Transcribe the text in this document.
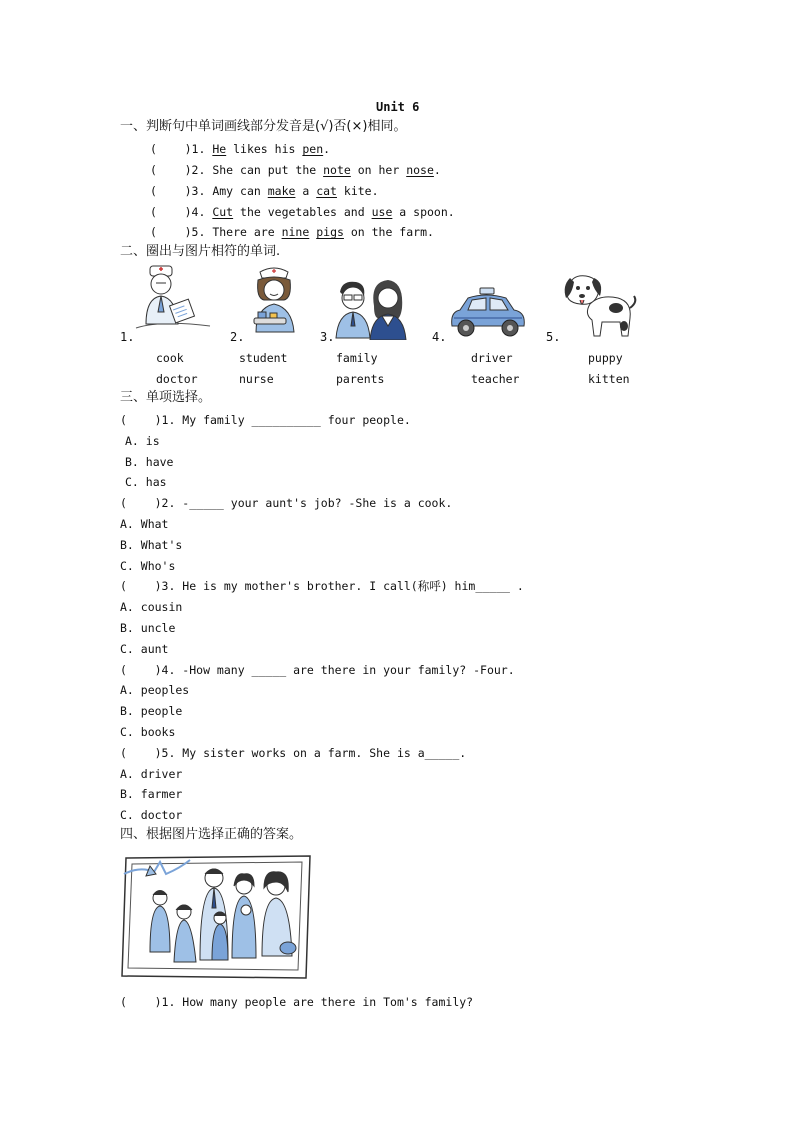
Unit 6
一、判断句中单词画线部分发音是(√)否(×)相同。
(    )1. He likes his pen.
(    )2. She can put the note on her nose.
(    )3. Amy can make a cat kite.
(    )4. Cut the vegetables and use a spoon.
(    )5. There are nine pigs on the farm.
二、圈出与图片相符的单词.
1.
cook
doctor
2.
student
nurse
3.
family
parents
4.
driver
teacher
5.
puppy
kitten
三、单项选择。
(    )1. My family __________ four people.
A. is
B. have
C. has
(    )2. -_____ your aunt's job? -She is a cook.
A. What
B. What's
C. Who's
(    )3. He is my mother's brother. I call(称呼) him_____ .
A. cousin
B. uncle
C. aunt
(    )4. -How many _____ are there in your family? -Four.
A. peoples
B. people
C. books
(    )5. My sister works on a farm. She is a_____.
A. driver
B. farmer
C. doctor
四、根据图片选择正确的答案。
(    )1. How many people are there in Tom's family?
